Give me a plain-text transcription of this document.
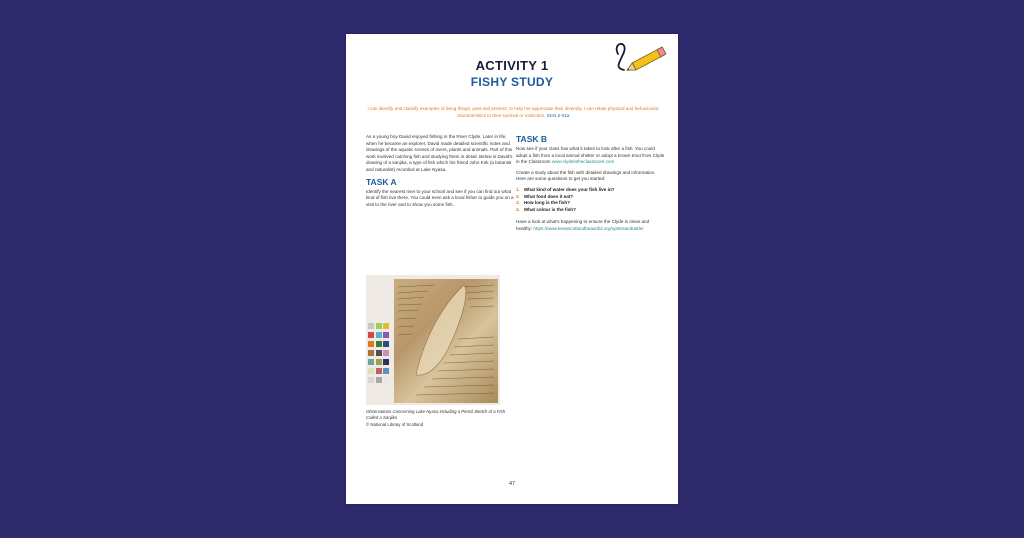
ACTIVITY 1
FISHY STUDY
I can identify and classify examples of living things, past and present, to help me appreciate their diversity. I can relate physical and behavioural characteristics to their survival or extinction. SCN 2-01a

As a young boy David enjoyed fishing in the River Clyde. Later in life, when he became an explorer, David made detailed scientific notes and drawings of the aquatic scenes of rivers, plants and animals. Part of this work involved catching fish and studying them in detail. Below is David's drawing of a sanjika, a type of fish which his friend John Kirk (a botanist and naturalist) recorded at Lake Nyasa.

TASK A

Identify the nearest river to your school and see if you can find out what kind of fish live there. You could even ask a local fisher to guide you on a visit to the river and to show you some fish.

Observations Concerning Lake Nyasa including a Pencil Sketch of a Fish Called a Sanjika
© National Library of Scotland
TASK B

Now see if your class has what it takes to look after a fish. You could adopt a fish from a local animal shelter or adopt a brown trout from Clyde in the Classroom www.clydeintheclassroom.com

Create a study about the fish with detailed drawings and information. Here are some questions to get you started:

1. What kind of water does your fish live in?
2. What food does it eat?
3. How long is the fish?
4. What colour is the fish?

Have a look at what's happening to ensure the Clyde is clean and healthy: https://www.keepscotlandbeautiful.org/upstreambattle/

47
